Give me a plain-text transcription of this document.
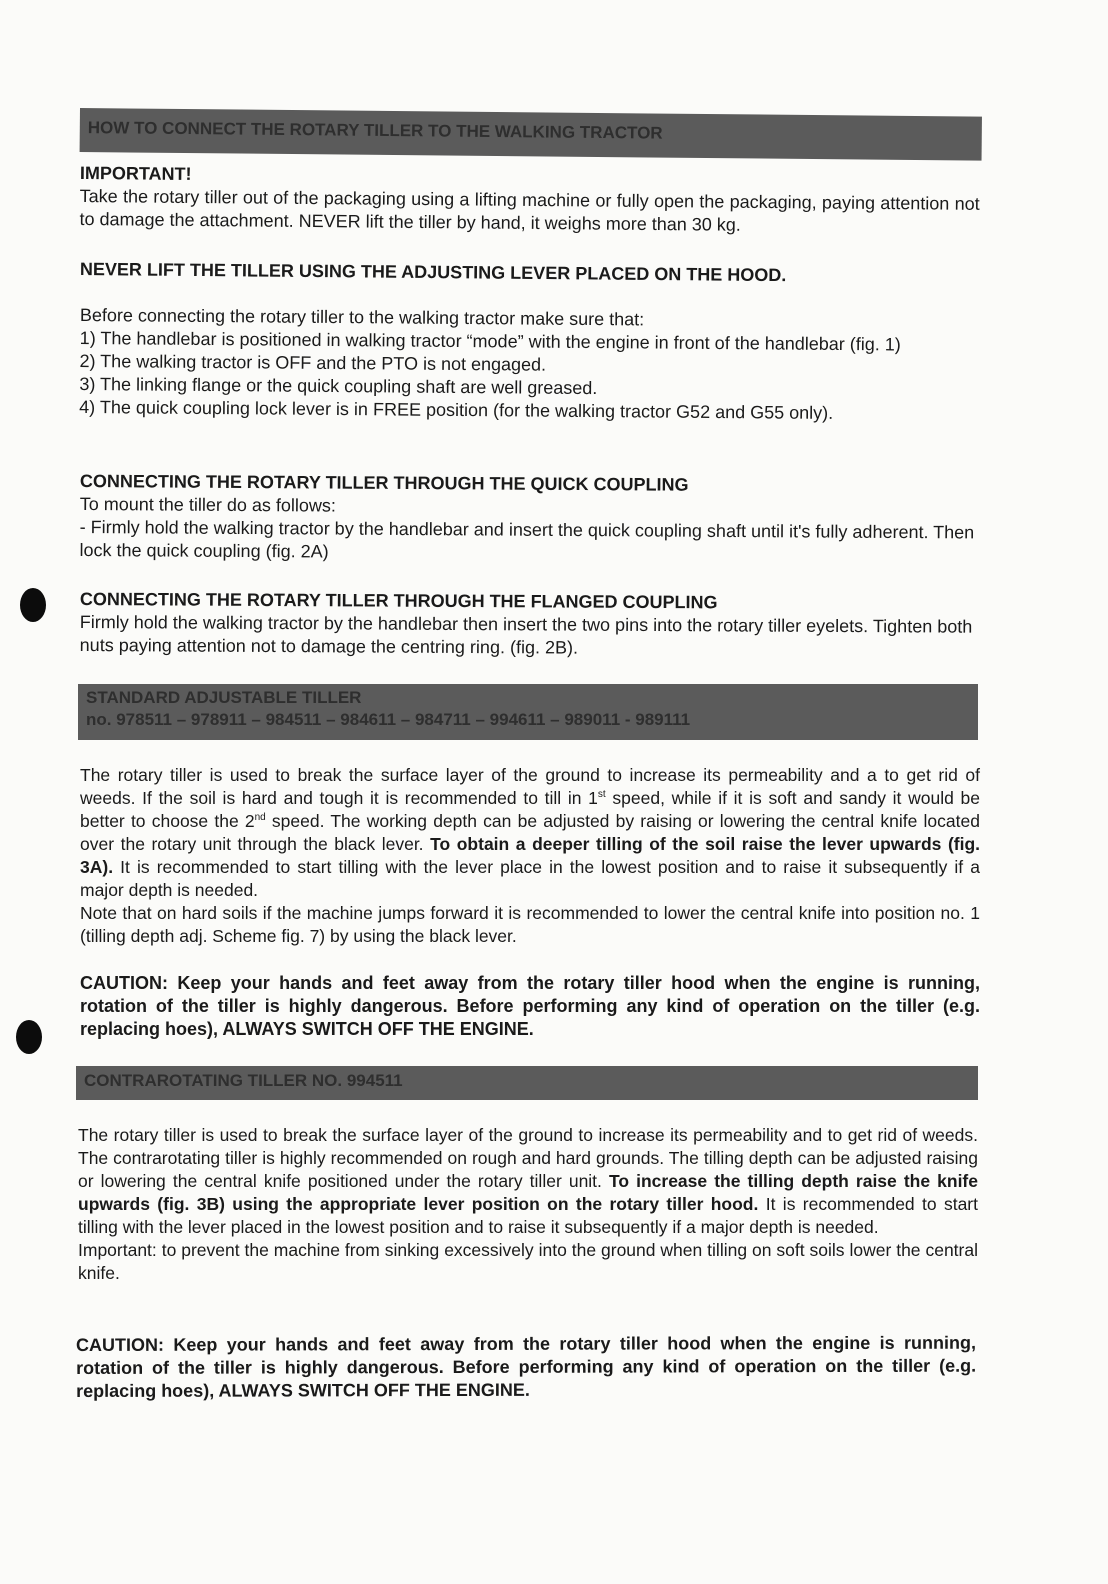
HOW TO CONNECT THE ROTARY TILLER TO THE WALKING TRACTOR

IMPORTANT!

Take the rotary tiller out of the packaging using a lifting machine or fully open the packaging, paying attention not to damage the attachment. NEVER lift the tiller by hand, it weighs more than 30 kg.

NEVER LIFT THE TILLER USING THE ADJUSTING LEVER PLACED ON THE HOOD.

Before connecting the rotary tiller to the walking tractor make sure that:

1) The handlebar is positioned in walking tractor “mode” with the engine in front of the handlebar (fig. 1)

2) The walking tractor is OFF and the PTO is not engaged.

3) The linking flange or the quick coupling shaft are well greased.

4) The quick coupling lock lever is in FREE position (for the walking tractor G52 and G55 only).

CONNECTING THE ROTARY TILLER THROUGH THE QUICK COUPLING

To mount the tiller do as follows:

- Firmly hold the walking tractor by the handlebar and insert the quick coupling shaft until it's fully adherent. Then lock the quick coupling (fig. 2A)

CONNECTING THE ROTARY TILLER THROUGH THE FLANGED COUPLING

Firmly hold the walking tractor by the handlebar then insert the two pins into the rotary tiller eyelets. Tighten both nuts paying attention not to damage the centring ring. (fig. 2B).

STANDARD ADJUSTABLE TILLER
no. 978511 – 978911 – 984511 – 984611 – 984711 – 994611 – 989011 - 989111

The rotary tiller is used to break the surface layer of the ground to increase its permeability and a to get rid of weeds. If the soil is hard and tough it is recommended to till in 1st speed, while if it is soft and sandy it would be better to choose the 2nd speed. The working depth can be adjusted by raising or lowering the central knife located over the rotary unit through the black lever. To obtain a deeper tilling of the soil raise the lever upwards (fig. 3A). It is recommended to start tilling with the lever place in the lowest position and to raise it subsequently if a major depth is needed.

Note that on hard soils if the machine jumps forward it is recommended to lower the central knife into position no. 1 (tilling depth adj. Scheme fig. 7) by using the black lever.

CAUTION: Keep your hands and feet away from the rotary tiller hood when the engine is running, rotation of the tiller is highly dangerous. Before performing any kind of operation on the tiller (e.g. replacing hoes), ALWAYS SWITCH OFF THE ENGINE.
CONTRAROTATING TILLER NO. 994511

The rotary tiller is used to break the surface layer of the ground to increase its permeability and to get rid of weeds. The contrarotating tiller is highly recommended on rough and hard grounds. The tilling depth can be adjusted raising or lowering the central knife positioned under the rotary tiller unit. To increase the tilling depth raise the knife upwards (fig. 3B) using the appropriate lever position on the rotary tiller hood. It is recommended to start tilling with the lever placed in the lowest position and to raise it subsequently if a major depth is needed.

Important: to prevent the machine from sinking excessively into the ground when tilling on soft soils lower the central knife.

CAUTION: Keep your hands and feet away from the rotary tiller hood when the engine is running, rotation of the tiller is highly dangerous. Before performing any kind of operation on the tiller (e.g. replacing hoes), ALWAYS SWITCH OFF THE ENGINE.
